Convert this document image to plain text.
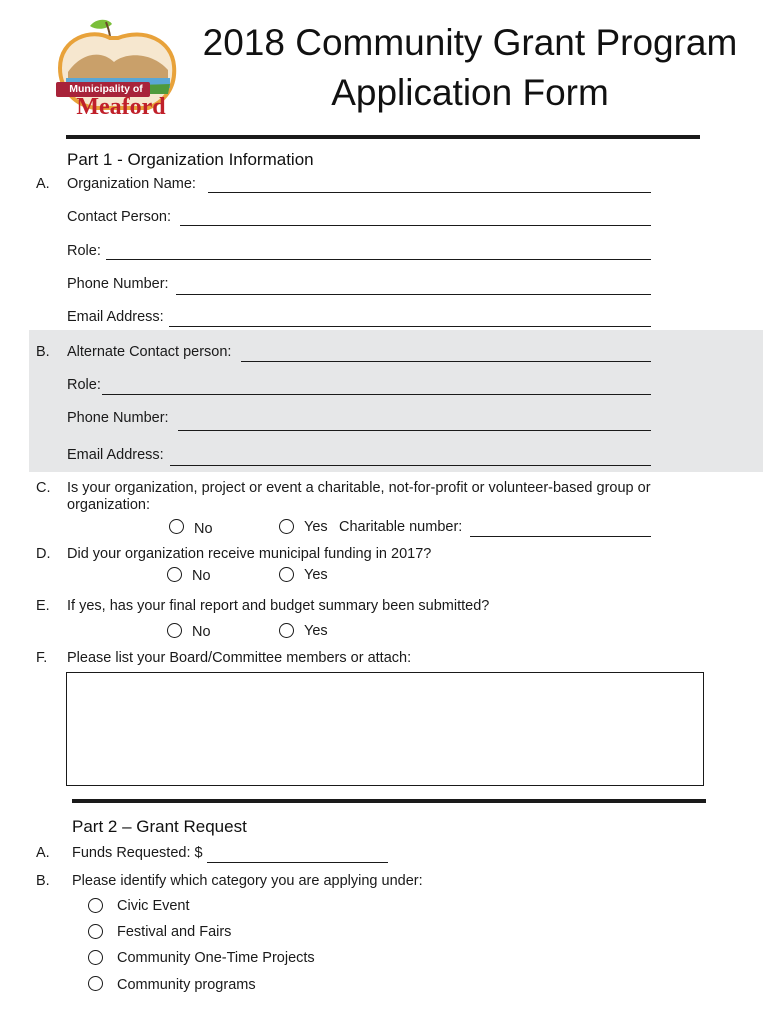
Municipality of
Meaford
2018 Community Grant Program
Application Form
Part 1 - Organization Information
A. Organization Name:
Contact Person:
Role:
Phone Number:
Email Address:
B. Alternate Contact person:
Role:
Phone Number:
Email Address:
C. Is your organization, project or event a charitable, not-for-profit or volunteer-based group or
organization:
No	Yes Charitable number:
D. Did your organization receive municipal funding in 2017?
No	Yes
E. If yes, has your final report and budget summary been submitted?
No	Yes
F. Please list your Board/Committee members or attach:
Part 2 – Grant Request
A. Funds Requested: $
B. Please identify which category you are applying under:
Civic Event
Festival and Fairs
Community One-Time Projects
Community programs
